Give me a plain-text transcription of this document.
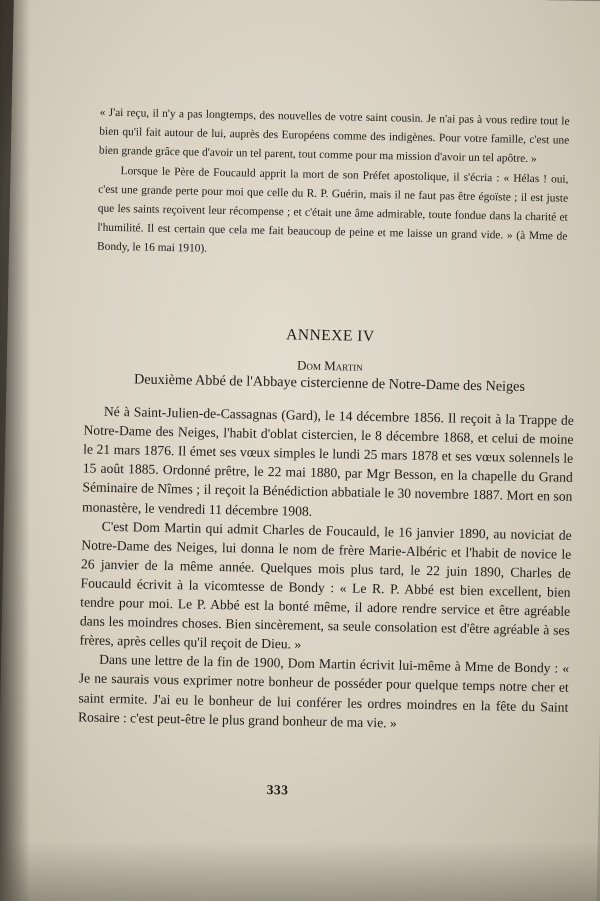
« J'ai reçu, il n'y a pas longtemps, des nouvelles de votre saint cousin. Je n'ai pas à vous redire tout le bien qu'il fait autour de lui, auprès des Européens comme des indigènes. Pour votre famille, c'est une bien grande grâce que d'avoir un tel parent, tout comme pour ma mission d'avoir un tel apôtre. »

Lorsque le Père de Foucauld apprit la mort de son Préfet apostolique, il s'écria : « Hélas ! oui, c'est une grande perte pour moi que celle du R. P. Guérin, mais il ne faut pas être égoïste ; il est juste que les saints reçoivent leur récompense ; et c'était une âme admirable, toute fondue dans la charité et l'humilité. Il est certain que cela me fait beaucoup de peine et me laisse un grand vide. » (à Mme de Bondy, le 16 mai 1910).

ANNEXE IV
Dom Martin
Deuxième Abbé de l'Abbaye cistercienne de Notre-Dame des Neiges

Né à Saint-Julien-de-Cassagnas (Gard), le 14 décembre 1856. Il reçoit à la Trappe de Notre-Dame des Neiges, l'habit d'oblat cistercien, le 8 décembre 1868, et celui de moine le 21 mars 1876. Il émet ses vœux simples le lundi 25 mars 1878 et ses vœux solennels le 15 août 1885. Ordonné prêtre, le 22 mai 1880, par Mgr Besson, en la chapelle du Grand Séminaire de Nîmes ; il reçoit la Bénédiction abbatiale le 30 novembre 1887. Mort en son monastère, le vendredi 11 décembre 1908.

C'est Dom Martin qui admit Charles de Foucauld, le 16 janvier 1890, au noviciat de Notre-Dame des Neiges, lui donna le nom de frère Marie-Albéric et l'habit de novice le 26 janvier de la même année. Quelques mois plus tard, le 22 juin 1890, Charles de Foucauld écrivit à la vicomtesse de Bondy : « Le R. P. Abbé est bien excellent, bien tendre pour moi. Le P. Abbé est la bonté même, il adore rendre service et être agréable dans les moindres choses. Bien sincèrement, sa seule consolation est d'être agréable à ses frères, après celles qu'il reçoit de Dieu. »

Dans une lettre de la fin de 1900, Dom Martin écrivit lui-même à Mme de Bondy : « Je ne saurais vous exprimer notre bonheur de posséder pour quelque temps notre cher et saint ermite. J'ai eu le bonheur de lui conférer les ordres moindres en la fête du Saint Rosaire : c'est peut-être le plus grand bonheur de ma vie. »

333
